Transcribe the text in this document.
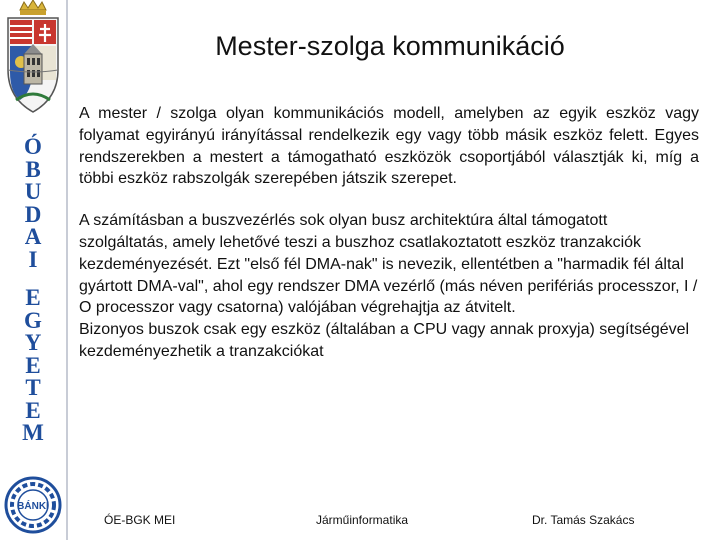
Ó
B
U
D
A
I
E
G
Y
E
T
E
M
BÁNKI
Mester-szolga kommunikáció

A mester / szolga olyan kommunikációs modell, amelyben az egyik eszköz vagy folyamat egyirányú irányítással rendelkezik egy vagy több másik eszköz felett. Egyes rendszerekben a mestert a támogatható eszközök csoportjából választják ki, míg a többi eszköz rabszolgák szerepében játszik szerepet.

A számításban a buszvezérlés sok olyan busz architektúra által támogatott szolgáltatás, amely lehetővé teszi a buszhoz csatlakoztatott eszköz tranzakciók kezdeményezését. Ezt "első fél DMA-nak" is nevezik, ellentétben a "harmadik fél által gyártott DMA-val", ahol egy rendszer DMA vezérlő (más néven perifériás processzor, I / O processzor vagy csatorna) valójában végrehajtja az átvitelt.

Bizonyos buszok csak egy eszköz (általában a CPU vagy annak proxyja) segítségével kezdeményezhetik a tranzakciókat

ÓE-BGK MEI	Járműinformatika	Dr. Tamás Szakács
